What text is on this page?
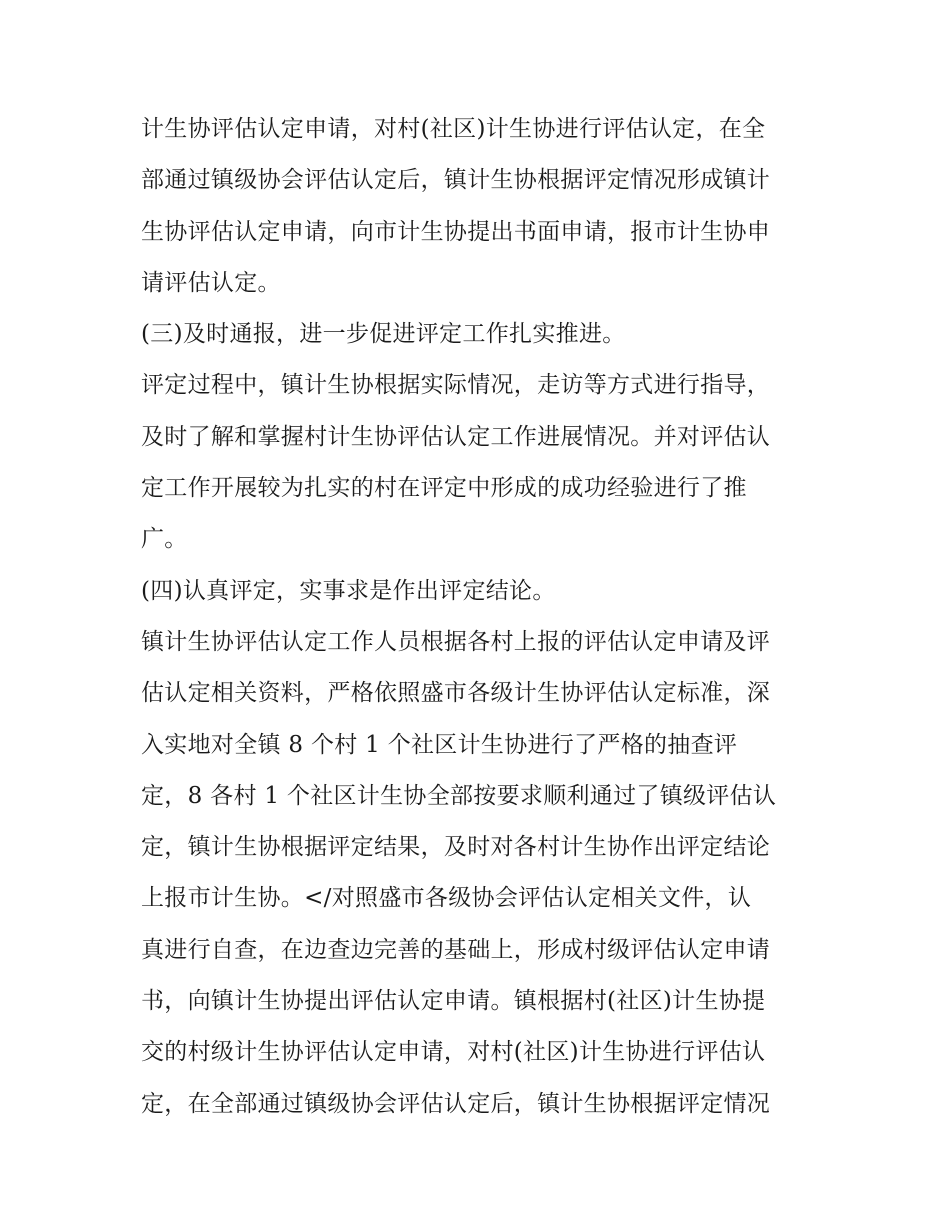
计生协评估认定申请，对村(社区)计生协进行评估认定，在全
部通过镇级协会评估认定后，镇计生协根据评定情况形成镇计
生协评估认定申请，向市计生协提出书面申请，报市计生协申
请评估认定。
(三)及时通报，进一步促进评定工作扎实推进。
评定过程中，镇计生协根据实际情况，走访等方式进行指导，
及时了解和掌握村计生协评估认定工作进展情况。并对评估认
定工作开展较为扎实的村在评定中形成的成功经验进行了推
广。
(四)认真评定，实事求是作出评定结论。
镇计生协评估认定工作人员根据各村上报的评估认定申请及评
估认定相关资料，严格依照盛市各级计生协评估认定标准，深
入实地对全镇 8 个村 1 个社区计生协进行了严格的抽查评
定，8 各村 1 个社区计生协全部按要求顺利通过了镇级评估认
定，镇计生协根据评定结果，及时对各村计生协作出评定结论
上报市计生协。</对照盛市各级协会评估认定相关文件，认
真进行自查，在边查边完善的基础上，形成村级评估认定申请
书，向镇计生协提出评估认定申请。镇根据村(社区)计生协提
交的村级计生协评估认定申请，对村(社区)计生协进行评估认
定，在全部通过镇级协会评估认定后，镇计生协根据评定情况
